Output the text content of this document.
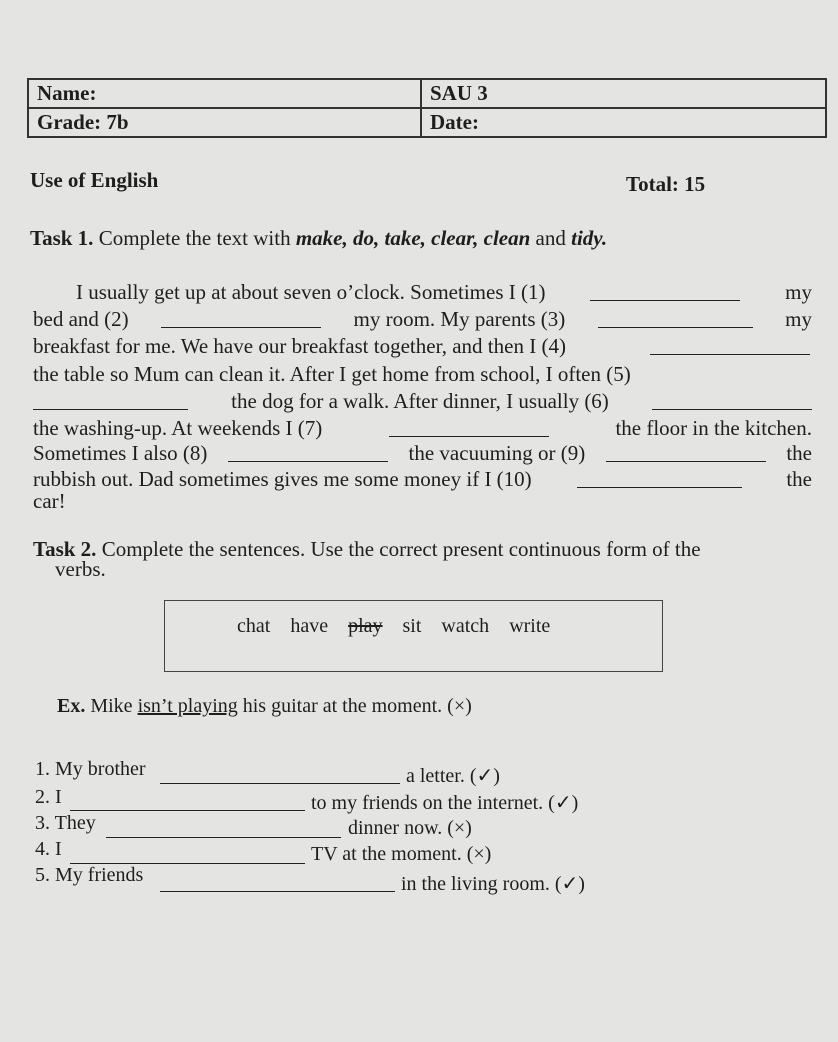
Name:	SAU 3
Grade: 7b	Date:
Use of English	Total: 15
Task 1. Complete the text with make, do, take, clear, clean and tidy.
I usually get up at about seven o’clock. Sometimes I (1)	my
bed and (2)	my room. My parents (3)	my
breakfast for me. We have our breakfast together, and then I (4)
the table so Mum can clean it. After I get home from school, I often (5)
the dog for a walk. After dinner, I usually (6)
the washing-up. At weekends I (7)	the floor in the kitchen.
Sometimes I also (8)	the vacuuming or (9)	the
rubbish out. Dad sometimes gives me some money if I (10)	the
car!
Task 2. Complete the sentences. Use the correct present continuous form of the
verbs.
chat have play sit watch write
Ex. Mike isn’t playing his guitar at the moment. (×)
1. My brother	a letter. (✓)
2. I	to my friends on the internet. (✓)
3. They	dinner now. (×)
4. I	TV at the moment. (×)
5. My friends	in the living room. (✓)
